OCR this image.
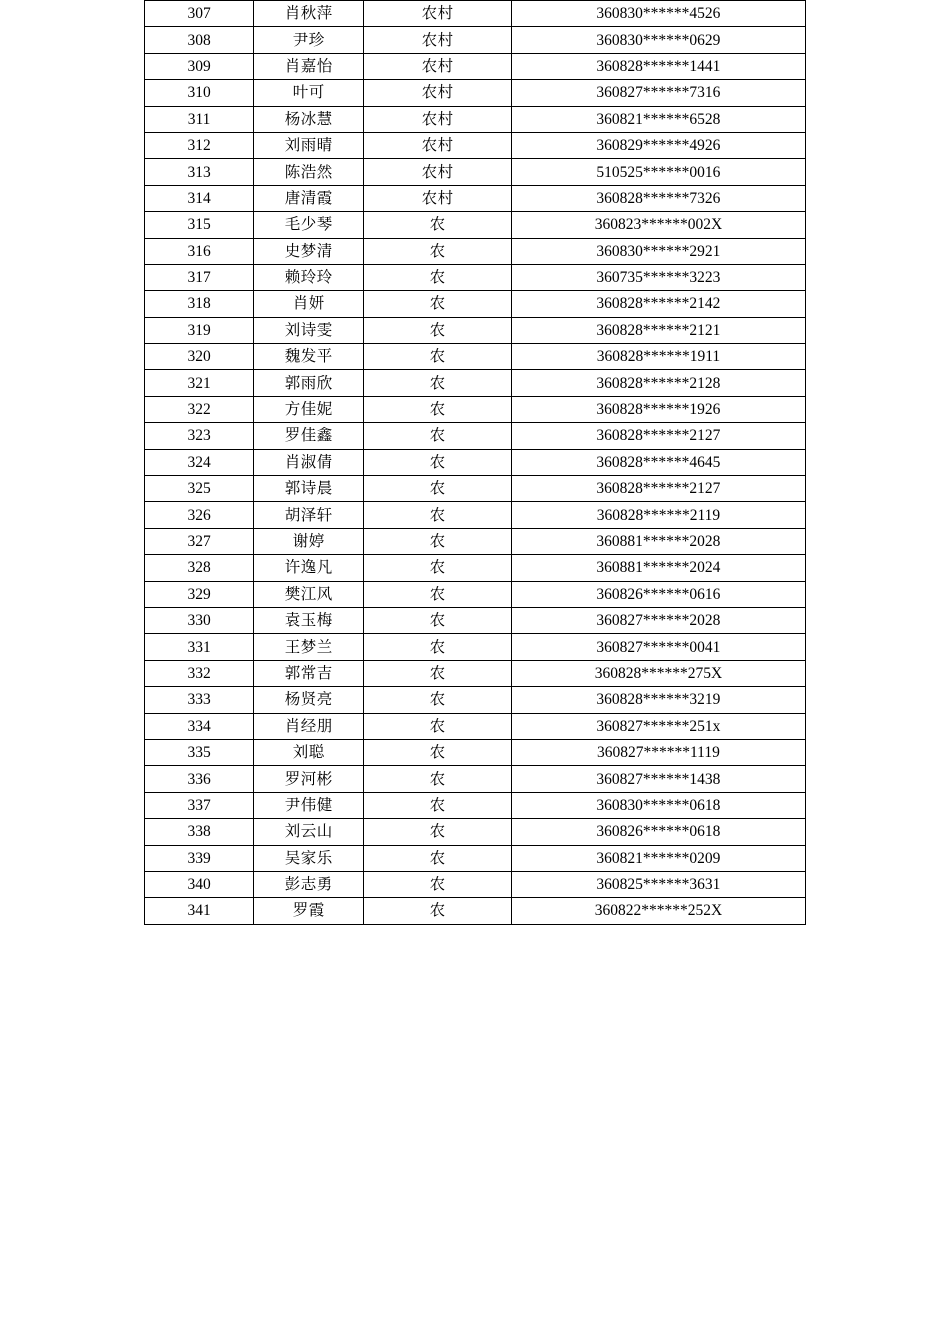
307	肖秋萍	农村	360830******4526
308	尹珍	农村	360830******0629
309	肖嘉怡	农村	360828******1441
310	叶可	农村	360827******7316
311	杨冰慧	农村	360821******6528
312	刘雨晴	农村	360829******4926
313	陈浩然	农村	510525******0016
314	唐清霞	农村	360828******7326
315	毛少琴	农	360823******002X
316	史梦清	农	360830******2921
317	赖玲玲	农	360735******3223
318	肖妍	农	360828******2142
319	刘诗雯	农	360828******2121
320	魏发平	农	360828******1911
321	郭雨欣	农	360828******2128
322	方佳妮	农	360828******1926
323	罗佳鑫	农	360828******2127
324	肖淑倩	农	360828******4645
325	郭诗晨	农	360828******2127
326	胡泽轩	农	360828******2119
327	谢婷	农	360881******2028
328	许逸凡	农	360881******2024
329	樊江风	农	360826******0616
330	袁玉梅	农	360827******2028
331	王梦兰	农	360827******0041
332	郭常吉	农	360828******275X
333	杨贤亮	农	360828******3219
334	肖经朋	农	360827******251x
335	刘聪	农	360827******1119
336	罗河彬	农	360827******1438
337	尹伟健	农	360830******0618
338	刘云山	农	360826******0618
339	吴家乐	农	360821******0209
340	彭志勇	农	360825******3631
341	罗霞	农	360822******252X
